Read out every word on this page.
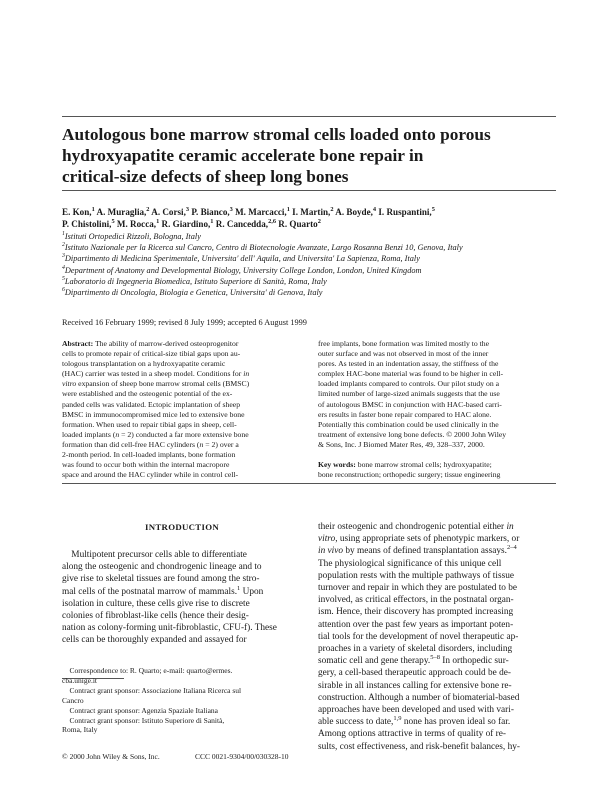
Autologous bone marrow stromal cells loaded onto porous
hydroxyapatite ceramic accelerate bone repair in
critical-size defects of sheep long bones

E. Kon,$^1$ A. Muraglia,$^2$ A. Corsi,$^3$ P. Bianco,$^3$ M. Marcacci,$^1$ I. Martin,$^2$ A. Boyde,$^4$ I. Ruspantini,$^5$
P. Chistolini,$^5$ M. Rocca,$^1$ R. Giardino,$^1$ R. Cancedda,$^{2,6}$ R. Quarto$^2$

$^1$Istituti Ortopedici Rizzoli, Bologna, Italy
$^2$Istituto Nazionale per la Ricerca sul Cancro, Centro di Biotecnologie Avanzate, Largo Rosanna Benzi 10, Genova, Italy
$^3$Dipartimento di Medicina Sperimentale, Universita' dell' Aquila, and Universita' La Sapienza, Roma, Italy
$^4$Department of Anatomy and Developmental Biology, University College London, London, United Kingdom
$^5$Laboratorio di Ingegneria Biomedica, Istituto Superiore di Sanità, Roma, Italy
$^6$Dipartimento di Oncologia, Biologia e Genetica, Universita' di Genova, Italy

Received 16 February 1999; revised 8 July 1999; accepted 6 August 1999

Abstract: The ability of marrow-derived osteoprogenitor
cells to promote repair of critical-size tibial gaps upon au-
tologous transplantation on a hydroxyapatite ceramic
(HAC) carrier was tested in a sheep model. Conditions for in
vitro expansion of sheep bone marrow stromal cells (BMSC)
were established and the osteogenic potential of the ex-
panded cells was validated. Ectopic implantation of sheep
BMSC in immunocompromised mice led to extensive bone
formation. When used to repair tibial gaps in sheep, cell-
loaded implants (n = 2) conducted a far more extensive bone
formation than did cell-free HAC cylinders (n = 2) over a
2-month period. In cell-loaded implants, bone formation
was found to occur both within the internal macropore
space and around the HAC cylinder while in control cell-
free implants, bone formation was limited mostly to the
outer surface and was not observed in most of the inner
pores. As tested in an indentation assay, the stiffness of the
complex HAC-bone material was found to be higher in cell-
loaded implants compared to controls. Our pilot study on a
limited number of large-sized animals suggests that the use
of autologous BMSC in conjunction with HAC-based carri-
ers results in faster bone repair compared to HAC alone.
Potentially this combination could be used clinically in the
treatment of extensive long bone defects. © 2000 John Wiley
& Sons, Inc. J Biomed Mater Res, 49, 328–337, 2000.
Key words: bone marrow stromal cells; hydroxyapatite;
bone reconstruction; orthopedic surgery; tissue engineering
INTRODUCTION
Multipotent precursor cells able to differentiate
along the osteogenic and chondrogenic lineage and to
give rise to skeletal tissues are found among the stro-
mal cells of the postnatal marrow of mammals.$^1$ Upon
isolation in culture, these cells give rise to discrete
colonies of fibroblast-like cells (hence their desig-
nation as colony-forming unit-fibroblastic, CFU-f). These
cells can be thoroughly expanded and assayed for
their osteogenic and chondrogenic potential either in
vitro, using appropriate sets of phenotypic markers, or
in vivo by means of defined transplantation assays.$^{2-4}$
The physiological significance of this unique cell
population rests with the multiple pathways of tissue
turnover and repair in which they are postulated to be
involved, as critical effectors, in the postnatal organ-
ism. Hence, their discovery has prompted increasing
attention over the past few years as important poten-
tial tools for the development of novel therapeutic ap-
proaches in a variety of skeletal disorders, including
somatic cell and gene therapy.$^{5-8}$ In orthopedic sur-
gery, a cell-based therapeutic approach could be de-
sirable in all instances calling for extensive bone re-
construction. Although a number of biomaterial-based
approaches have been developed and used with vari-
able success to date,$^{1,9}$ none has proven ideal so far.
Among options attractive in terms of quality of re-
sults, cost effectiveness, and risk-benefit balances, hy-
Correspondence to: R. Quarto; e-mail: quarto@ermes.
cba.unige.it
Contract grant sponsor: Associazione Italiana Ricerca sul
Cancro
Contract grant sponsor: Agenzia Spaziale Italiana
Contract grant sponsor: Istituto Superiore di Sanità,
Roma, Italy

© 2000 John Wiley & Sons, Inc.	CCC 0021-9304/00/030328-10
